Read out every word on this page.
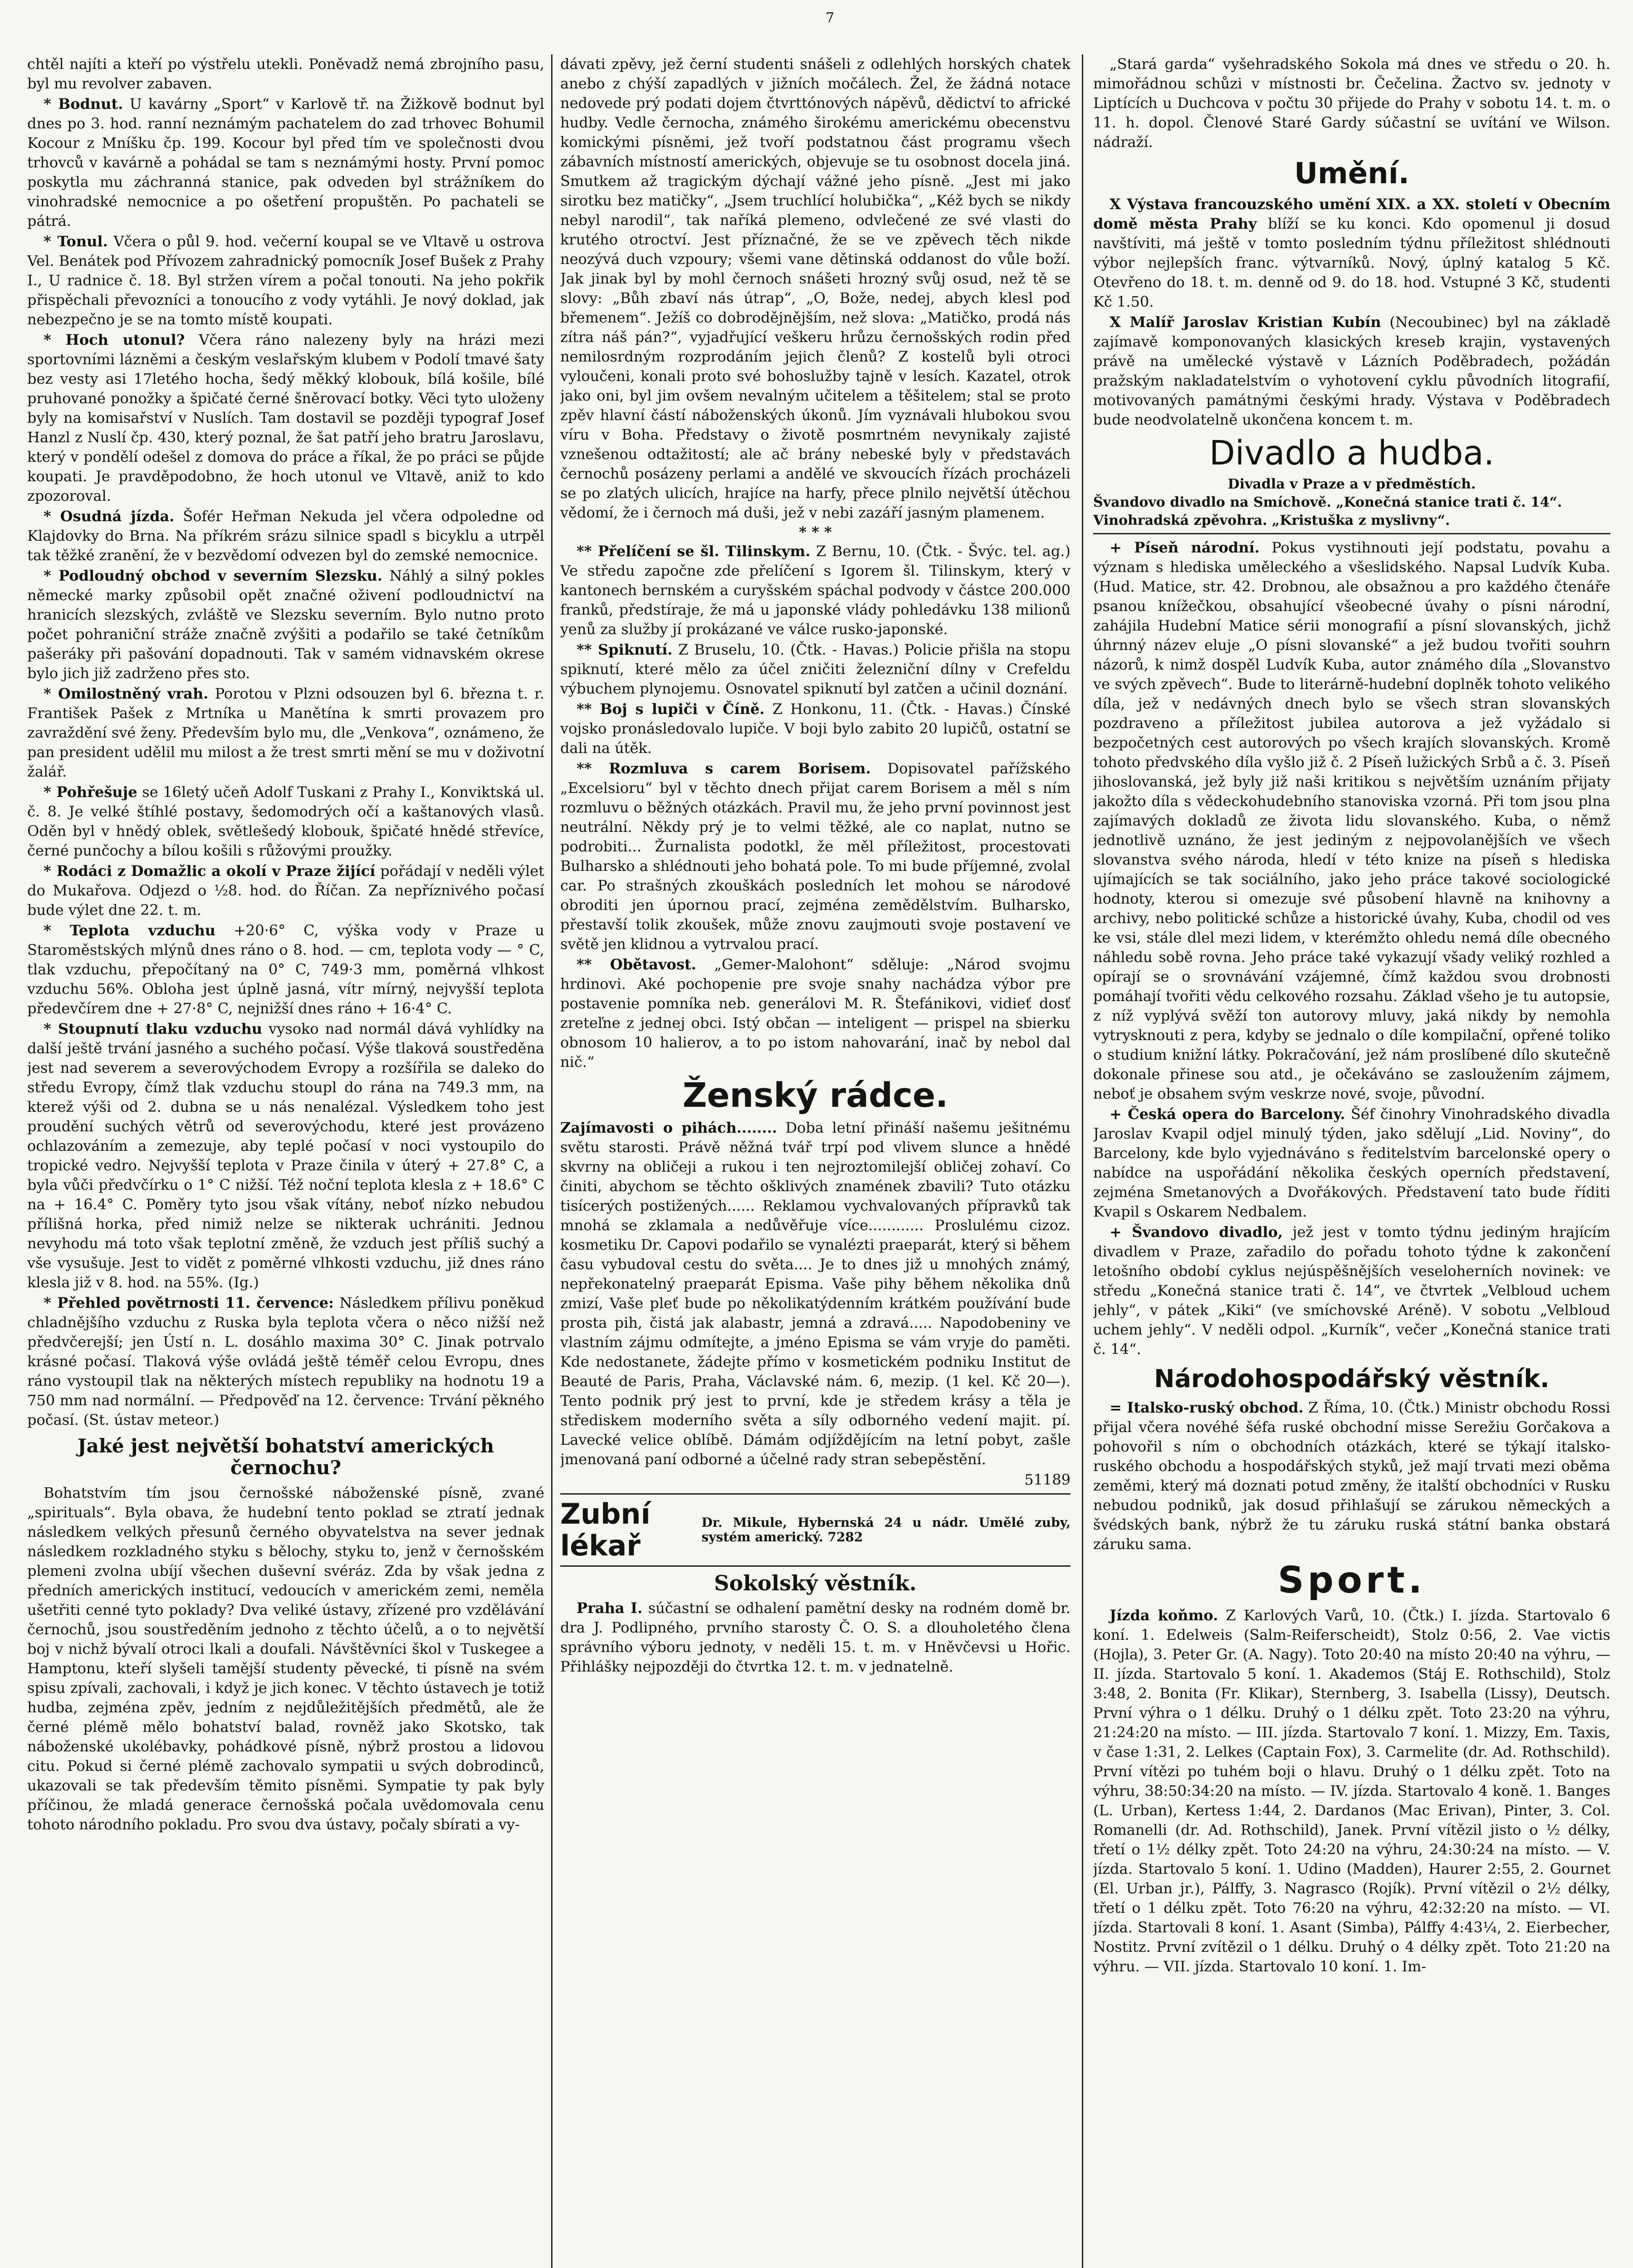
7

chtěl najíti a kteří po výstřelu utekli. Poněvadž nemá zbrojního pasu, byl mu revolver zabaven.

* Bodnut. U kavárny „Sport“ v Karlově tř. na Žižkově bodnut byl dnes po 3. hod. ranní neznámým pachatelem do zad trhovec Bohumil Kocour z Mníšku čp. 199. Kocour byl před tím ve společnosti dvou trhovců v kavárně a pohádal se tam s neznámými hosty. První pomoc poskytla mu záchranná stanice, pak odveden byl strážníkem do vinohradské nemocnice a po ošetření propuštěn. Po pachateli se pátrá.

* Tonul. Včera o půl 9. hod. večerní koupal se ve Vltavě u ostrova Vel. Benátek pod Přívozem zahradnický pomocník Josef Bušek z Prahy I., U radnice č. 18. Byl stržen vírem a počal tonouti. Na jeho pokřik přispěchali převozníci a tonoucího z vody vytáhli. Je nový doklad, jak nebezpečno je se na tomto místě koupati.

* Hoch utonul? Včera ráno nalezeny byly na hrázi mezi sportovními lázněmi a českým veslařským klubem v Podolí tmavé šaty bez vesty asi 17letého hocha, šedý měkký klobouk, bílá košile, bílé pruhované ponožky a špičaté černé šněrovací botky. Věci tyto uloženy byly na komisařství v Nuslích. Tam dostavil se později typograf Josef Hanzl z Nuslí čp. 430, který poznal, že šat patří jeho bratru Jaroslavu, který v pondělí odešel z domova do práce a říkal, že po práci se půjde koupati. Je pravděpodobno, že hoch utonul ve Vltavě, aniž to kdo zpozoroval.

* Osudná jízda. Šofér Heřman Nekuda jel včera odpoledne od Klajdovky do Brna. Na příkrém srázu silnice spadl s bicyklu a utrpěl tak těžké zranění, že v bezvědomí odvezen byl do zemské nemocnice.

* Podloudný obchod v severním Slezsku. Náhlý a silný pokles německé marky způsobil opět značné oživení podloudnictví na hranicích slezských, zvláště ve Slezsku severním. Bylo nutno proto počet pohraniční stráže značně zvýšiti a podařilo se také četníkům pašeráky při pašování dopadnouti. Tak v samém vidnavském okrese bylo jich již zadrženo přes sto.

* Omilostněný vrah. Porotou v Plzni odsouzen byl 6. března t. r. František Pašek z Mrtníka u Manětína k smrti provazem pro zavraždění své ženy. Především bylo mu, dle „Venkova“, oznámeno, že pan president udělil mu milost a že trest smrti mění se mu v doživotní žalář.

* Pohřešuje se 16letý učeň Adolf Tuskani z Prahy I., Konviktská ul. č. 8. Je velké štíhlé postavy, šedomodrých očí a kaštanových vlasů. Oděn byl v hnědý oblek, světlešedý klobouk, špičaté hnědé střevíce, černé punčochy a bílou košili s růžovými proužky.

* Rodáci z Domažlic a okolí v Praze žijící pořádají v neděli výlet do Mukařova. Odjezd o ½8. hod. do Říčan. Za nepříznivého počasí bude výlet dne 22. t. m.

* Teplota vzduchu +20·6° C, výška vody v Praze u Staroměstských mlýnů dnes ráno o 8. hod. — cm, teplota vody — ° C, tlak vzduchu, přepočítaný na 0° C, 749·3 mm, poměrná vlhkost vzduchu 56%. Obloha jest úplně jasná, vítr mírný, nejvyšší teplota předevčírem dne + 27·8° C, nejnižší dnes ráno + 16·4° C.

* Stoupnutí tlaku vzduchu vysoko nad normál dává vyhlídky na další ještě trvání jasného a suchého počasí. Výše tlaková soustředěna jest nad severem a severovýchodem Evropy a rozšířila se daleko do středu Evropy, čímž tlak vzduchu stoupl do rána na 749.3 mm, na kterež výši od 2. dubna se u nás nenalézal. Výsledkem toho jest proudění suchých větrů od severovýchodu, které jest provázeno ochlazováním a zemezuje, aby teplé počasí v noci vystoupilo do tropické vedro. Nejvyšší teplota v Praze činila v úterý + 27.8° C, a byla vůči předvčírku o 1° C nižší. Též noční teplota klesla z + 18.6° C na + 16.4° C. Poměry tyto jsou však vítány, neboť nízko nebudou přílišná horka, před nimiž nelze se nikterak uchrániti. Jednou nevyhodu má toto však teplotní změně, že vzduch jest příliš suchý a vše vysušuje. Jest to vidět z poměrné vlhkosti vzduchu, již dnes ráno klesla již v 8. hod. na 55%. (Ig.)

* Přehled povětrnosti 11. července: Následkem přílivu poněkud chladnějšího vzduchu z Ruska byla teplota včera o něco nižší než předvčerejší; jen Ústí n. L. dosáhlo maxima 30° C. Jinak potrvalo krásné počasí. Tlaková výše ovládá ještě téměř celou Evropu, dnes ráno vystoupil tlak na některých místech republiky na hodnotu 19 a 750 mm nad normální. — Předpověď na 12. července: Trvání pěkného počasí. (St. ústav meteor.)

Jaké jest největší bohatství amerických černochu?

Bohatstvím tím jsou černošské náboženské písně, zvané „spirituals“. Byla obava, že hudební tento poklad se ztratí jednak následkem velkých přesunů černého obyvatelstva na sever jednak následkem rozkladného styku s bělochy, styku to, jenž v černošském plemeni zvolna ubíjí všechen duševní svéráz. Zda by však jedna z předních amerických institucí, vedoucích v americkém zemi, neměla ušetřiti cenné tyto poklady? Dva veliké ústavy, zřízené pro vzdělávání černochů, jsou soustředěním jednoho z těchto účelů, a o to největší boj v nichž bývalí otroci lkali a doufali. Návštěvníci škol v Tuskegee a Hamptonu, kteří slyšeli tamější studenty pěvecké, ti písně na svém spisu zpívali, zachovali, i když je jich konec. V těchto ústavech je totiž hudba, zejména zpěv, jedním z nejdůležitějších předmětů, ale že černé plémě mělo bohatství balad, rovněž jako Skotsko, tak náboženské ukolébavky, pohádkové písně, nýbrž prostou a lidovou citu. Pokud si černé plémě zachovalo sympatii u svých dobrodinců, ukazovali se tak především těmito písněmi. Sympatie ty pak byly příčinou, že mladá generace černošská počala uvědomovala cenu tohoto národního pokladu. Pro svou dva ústavy, počaly sbírati a vy-

dávati zpěvy, jež černí studenti snášeli z odlehlých horských chatek anebo z chýší zapadlých v jižních močálech. Žel, že žádná notace nedovede prý podati dojem čtvrttónových nápěvů, dědictví to africké hudby. Vedle černocha, známého širokému americkému obecenstvu komickými písněmi, jež tvoří podstatnou část programu všech zábavních místností amerických, objevuje se tu osobnost docela jiná. Smutkem až tragickým dýchají vážné jeho písně. „Jest mi jako sirotku bez matičky“, „Jsem truchlící holubička“, „Kéž bych se nikdy nebyl narodil“, tak naříká plemeno, odvlečené ze své vlasti do krutého otroctví. Jest příznačné, že se ve zpěvech těch nikde neozývá duch vzpoury; všemi vane dětinská oddanost do vůle boží. Jak jinak byl by mohl černoch snášeti hrozný svůj osud, než tě se slovy: „Bůh zbaví nás útrap“, „O, Bože, nedej, abych klesl pod břemenem“. Ježíš co dobrodějnějším, než slova: „Matičko, prodá nás zítra náš pán?“, vyjadřující veškeru hrůzu černošských rodin před nemilosrdným rozprodáním jejich členů? Z kostelů byli otroci vyloučeni, konali proto své bohoslužby tajně v lesích. Kazatel, otrok jako oni, byl jim ovšem nevalným učitelem a těšitelem; stal se proto zpěv hlavní částí náboženských úkonů. Jím vyznávali hlubokou svou víru v Boha. Představy o životě posmrtném nevynikaly zajisté vznešenou odtažitostí; ale ač brány nebeské byly v představách černochů posázeny perlami a andělé ve skvoucích řízách procházeli se po zlatých ulicích, hrajíce na harfy, přece plnilo největší útěchou vědomí, že i černoch má duši, jež v nebi zazáří jasným plamenem.

* * *

** Přelíčení se šl. Tilinskym. Z Bernu, 10. (Čtk. - Švýc. tel. ag.) Ve středu započne zde přelíčení s Igorem šl. Tilinskym, který v kantonech bernském a curyšském spáchal podvody v částce 200.000 franků, předstíraje, že má u japonské vlády pohledávku 138 milionů yenů za služby jí prokázané ve válce rusko-japonské.

** Spiknutí. Z Bruselu, 10. (Čtk. - Havas.) Policie přišla na stopu spiknutí, které mělo za účel zničiti železniční dílny v Crefeldu výbuchem plynojemu. Osnovatel spiknutí byl zatčen a učinil doznání.

** Boj s lupiči v Číně. Z Honkonu, 11. (Čtk. - Havas.) Čínské vojsko pronásledovalo lupiče. V boji bylo zabito 20 lupičů, ostatní se dali na útěk.

** Rozmluva s carem Borisem. Dopisovatel pařížského „Excelsioru“ byl v těchto dnech přijat carem Borisem a měl s ním rozmluvu o běžných otázkách. Pravil mu, že jeho první povinnost jest neutrální. Někdy prý je to velmi těžké, ale co naplat, nutno se podrobiti... Žurnalista podotkl, že měl příležitost, procestovati Bulharsko a shlédnouti jeho bohatá pole. To mi bude příjemné, zvolal car. Po strašných zkouškách posledních let mohou se národové obroditi jen úpornou prací, zejména zemědělstvím. Bulharsko, přestavší tolik zkoušek, může znovu zaujmouti svoje postavení ve světě jen klidnou a vytrvalou prací.

** Obětavost. „Gemer-Malohont“ sděluje: „Národ svojmu hrdinovi. Aké pochopenie pre svoje snahy nachádza výbor pre postavenie pomníka neb. generálovi M. R. Štefánikovi, vidieť dosť zreteľne z jednej obci. Istý občan — inteligent — prispel na sbierku obnosom 10 halierov, a to po istom nahovarání, inač by nebol dal nič.“

Ženský rádce.

Zajímavosti o pihách........ Doba letní přináší našemu ješitnému světu starosti. Právě něžná tvář trpí pod vlivem slunce a hnědé skvrny na obličeji a rukou i ten nejroztomilejší obličej zohaví. Co činiti, abychom se těchto ošklivých znamének zbavili? Tuto otázku tisícerých postižených...... Reklamou vychvalovaných přípravků tak mnohá se zklamala a nedůvěřuje více............ Proslulému cizoz. kosmetiku Dr. Capovi podařilo se vynalézti praeparát, který si během času vybudoval cestu do světa.... Je to dnes již u mnohých známý, nepřekonatelný praeparát Episma. Vaše pihy během několika dnů zmizí, Vaše pleť bude po několikatýdenním krátkém používání bude prosta pih, čistá jak alabastr, jemná a zdravá..... Napodobeniny ve vlastním zájmu odmítejte, a jméno Episma se vám vryje do paměti. Kde nedostanete, žádejte přímo v kosmetickém podniku Institut de Beauté de Paris, Praha, Václavské nám. 6, mezip. (1 kel. Kč 20—). Tento podnik prý jest to první, kde je středem krásy a těla je střediskem moderního světa a síly odborného vedení majit. pí. Lavecké velice oblíbě. Dámám odjíždějícím na letní pobyt, zašle jmenovaná paní odborné a účelné rady stran sebepěstění.

51189
Zubní lékař
Dr. Mikule, Hybernská 24 u nádr. Umělé zuby, systém americký. 7282
Sokolský věstník.

Praha I. súčastní se odhalení pamětní desky na rodném domě br. dra J. Podlipného, prvního starosty Č. O. S. a dlouholetého člena správního výboru jednoty, v neděli 15. t. m. v Hněvčevsi u Hořic. Přihlášky nejpozději do čtvrtka 12. t. m. v jednatelně.

„Stará garda“ vyšehradského Sokola má dnes ve středu o 20. h. mimořádnou schůzi v místnosti br. Čečelina. Žactvo sv. jednoty v Liptících u Duchcova v počtu 30 přijede do Prahy v sobotu 14. t. m. o 11. h. dopol. Členové Staré Gardy súčastní se uvítání ve Wilson. nádraží.

Umění.

X Výstava francouzského umění XIX. a XX. století v Obecním domě města Prahy blíží se ku konci. Kdo opomenul ji dosud navštíviti, má ještě v tomto posledním týdnu příležitost shlédnouti výbor nejlepších franc. výtvarníků. Nový, úplný katalog 5 Kč. Otevřeno do 18. t. m. denně od 9. do 18. hod. Vstupné 3 Kč, studenti Kč 1.50.

X Malíř Jaroslav Kristian Kubín (Necoubinec) byl na základě zajímavě komponovaných klasických kreseb krajin, vystavených právě na umělecké výstavě v Lázních Poděbradech, požádán pražským nakladatelstvím o vyhotovení cyklu původních litografií, motivovaných památnými českými hrady. Výstava v Poděbradech bude neodvolatelně ukončena koncem t. m.

Divadlo a hudba.
Divadla v Praze a v předměstích.
Švandovo divadlo na Smíchově. „Konečná stanice trati č. 14“.
Vinohradská zpěvohra. „Kristuška z myslivny“.

+ Píseň národní. Pokus vystihnouti její podstatu, povahu a význam s hlediska uměleckého a všeslidského. Napsal Ludvík Kuba. (Hud. Matice, str. 42. Drobnou, ale obsažnou a pro každého čtenáře psanou knížečkou, obsahující všeobecné úvahy o písni národní, zahájila Hudební Matice sérii monografií a písní slovanských, jichž úhrnný název eluje „O písni slovanské“ a jež budou tvořiti souhrn názorů, k nimž dospěl Ludvík Kuba, autor známého díla „Slovanstvo ve svých zpěvech“. Bude to literárně-hudební doplněk tohoto velikého díla, jež v nedávných dnech bylo se všech stran slovanských pozdraveno a příležitost jubilea autorova a jež vyžádalo si bezpočetných cest autorových po všech krajích slovanských. Kromě tohoto předvského díla vyšlo již č. 2 Píseň lužických Srbů a č. 3. Píseň jihoslovanská, jež byly již naši kritikou s největším uznáním přijaty jakožto díla s vědeckohudebního stanoviska vzorná. Při tom jsou plna zajímavých dokladů ze života lidu slovanského. Kuba, o němž jednotlivě uznáno, že jest jediným z nejpovolanějších ve všech slovanstva svého národa, hledí v této knize na píseň s hlediska ujímajících se tak sociálního, jako jeho práce takové sociologické hodnoty, kterou si omezuje své působení hlavně na knihovny a archivy, nebo politické schůze a historické úvahy, Kuba, chodil od ves ke vsi, stále dlel mezi lidem, v kterémžto ohledu nemá díle obecného náhledu sobě rovna. Jeho práce také vykazují všady veliký rozhled a opírají se o srovnávání vzájemné, čímž každou svou drobnosti pomáhají tvořiti vědu celkového rozsahu. Základ všeho je tu autopsie, z níž vyplývá svěží ton autorovy mluvy, jaká nikdy by nemohla vytrysknouti z pera, kdyby se jednalo o díle kompilační, opřené toliko o studium knižní látky. Pokračování, jež nám proslíbené dílo skutečně dokonale přinese sou atd., je očekáváno se zasloužením zájmem, neboť je obsahem svým veskrze nové, svoje, původní.

+ Česká opera do Barcelony. Šéf činohry Vinohradského divadla Jaroslav Kvapil odjel minulý týden, jako sdělují „Lid. Noviny“, do Barcelony, kde bylo vyjednáváno s ředitelstvím barcelonské opery o nabídce na uspořádání několika českých operních představení, zejména Smetanových a Dvořákových. Představení tato bude říditi Kvapil s Oskarem Nedbalem.

+ Švandovo divadlo, jež jest v tomto týdnu jediným hrajícím divadlem v Praze, zařadilo do pořadu tohoto týdne k zakončení letošního období cyklus nejúspěšnějších veseloherních novinek: ve středu „Konečná stanice trati č. 14“, ve čtvrtek „Velbloud uchem jehly“, v pátek „Kiki“ (ve smíchovské Aréně). V sobotu „Velbloud uchem jehly“. V neděli odpol. „Kurník“, večer „Konečná stanice trati č. 14“.

Národohospodářský věstník.

= Italsko-ruský obchod. Z Říma, 10. (Čtk.) Ministr obchodu Rossi přijal včera novéhé šéfa ruské obchodní misse Serežiu Gorčakova a pohovořil s ním o obchodních otázkách, které se týkají italsko-ruského obchodu a hospodářských styků, jež mají trvati mezi oběma zeměmi, který má doznati potud změny, že italští obchodníci v Rusku nebudou podniků, jak dosud přihlašují se zárukou německých a švédských bank, nýbrž že tu záruku ruská státní banka obstará záruku sama.

Sport.

Jízda koňmo. Z Karlových Varů, 10. (Čtk.) I. jízda. Startovalo 6 koní. 1. Edelweis (Salm-Reiferscheidt), Stolz 0:56, 2. Vae victis (Hojla), 3. Peter Gr. (A. Nagy). Toto 20:40 na místo 20:40 na výhru, — II. jízda. Startovalo 5 koní. 1. Akademos (Stáj E. Rothschild), Stolz 3:48, 2. Bonita (Fr. Klikar), Sternberg, 3. Isabella (Lissy), Deutsch. První výhra o 1 délku. Druhý o 1 délku zpět. Toto 23:20 na výhru, 21:24:20 na místo. — III. jízda. Startovalo 7 koní. 1. Mizzy, Em. Taxis, v čase 1:31, 2. Lelkes (Captain Fox), 3. Carmelite (dr. Ad. Rothschild). První vítězi po tuhém boji o hlavu. Druhý o 1 délku zpět. Toto na výhru, 38:50:34:20 na místo. — IV. jízda. Startovalo 4 koně. 1. Banges (L. Urban), Kertess 1:44, 2. Dardanos (Mac Erivan), Pinter, 3. Col. Romanelli (dr. Ad. Rothschild), Janek. První vítězil jisto o ½ délky, třetí o 1½ délky zpět. Toto 24:20 na výhru, 24:30:24 na místo. — V. jízda. Startovalo 5 koní. 1. Udino (Madden), Haurer 2:55, 2. Gournet (El. Urban jr.), Pálffy, 3. Nagrasco (Rojík). První vítězil o 2½ délky, třetí o 1 délku zpět. Toto 76:20 na výhru, 42:32:20 na místo. — VI. jízda. Startovali 8 koní. 1. Asant (Simba), Pálffy 4:43¼, 2. Eierbecher, Nostitz. První zvítězil o 1 délku. Druhý o 4 délky zpět. Toto 21:20 na výhru. — VII. jízda. Startovalo 10 koní. 1. Im-
